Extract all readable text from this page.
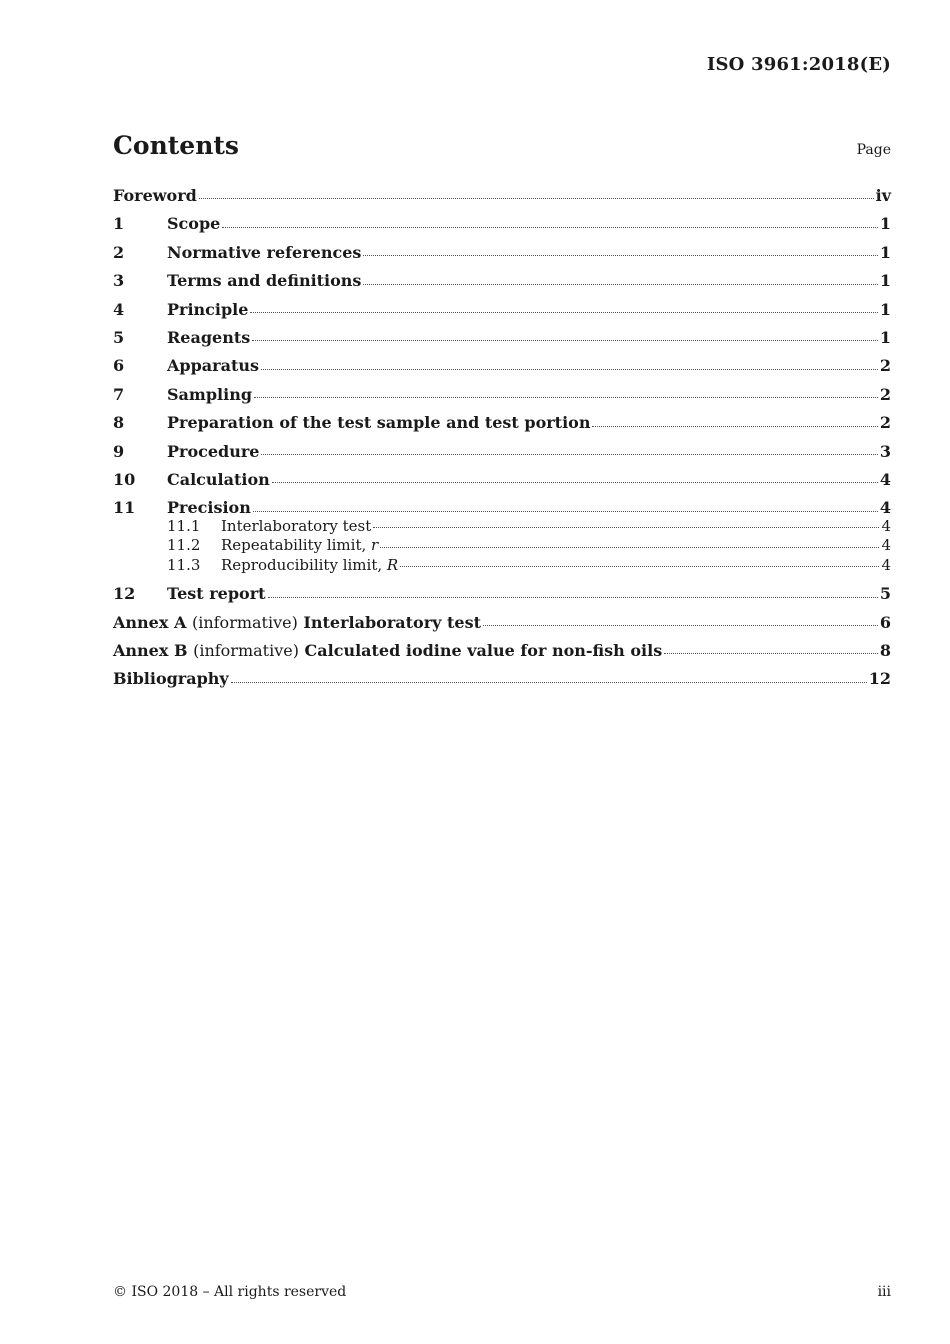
ISO 3961:2018(E)
Contents	Page
Foreword	iv
1	Scope	1
2	Normative references	1
3	Terms and definitions	1
4	Principle	1
5	Reagents	1
6	Apparatus	2
7	Sampling	2
8	Preparation of the test sample and test portion	2
9	Procedure	3
10	Calculation	4
11	Precision	4
11.1	Interlaboratory test	4
11.2	Repeatability limit, r	4
11.3	Reproducibility limit, R	4
12	Test report	5
Annex A (informative) Interlaboratory test	6
Annex B (informative) Calculated iodine value for non-fish oils	8
Bibliography	12
© ISO 2018 – All rights reserved	iii
